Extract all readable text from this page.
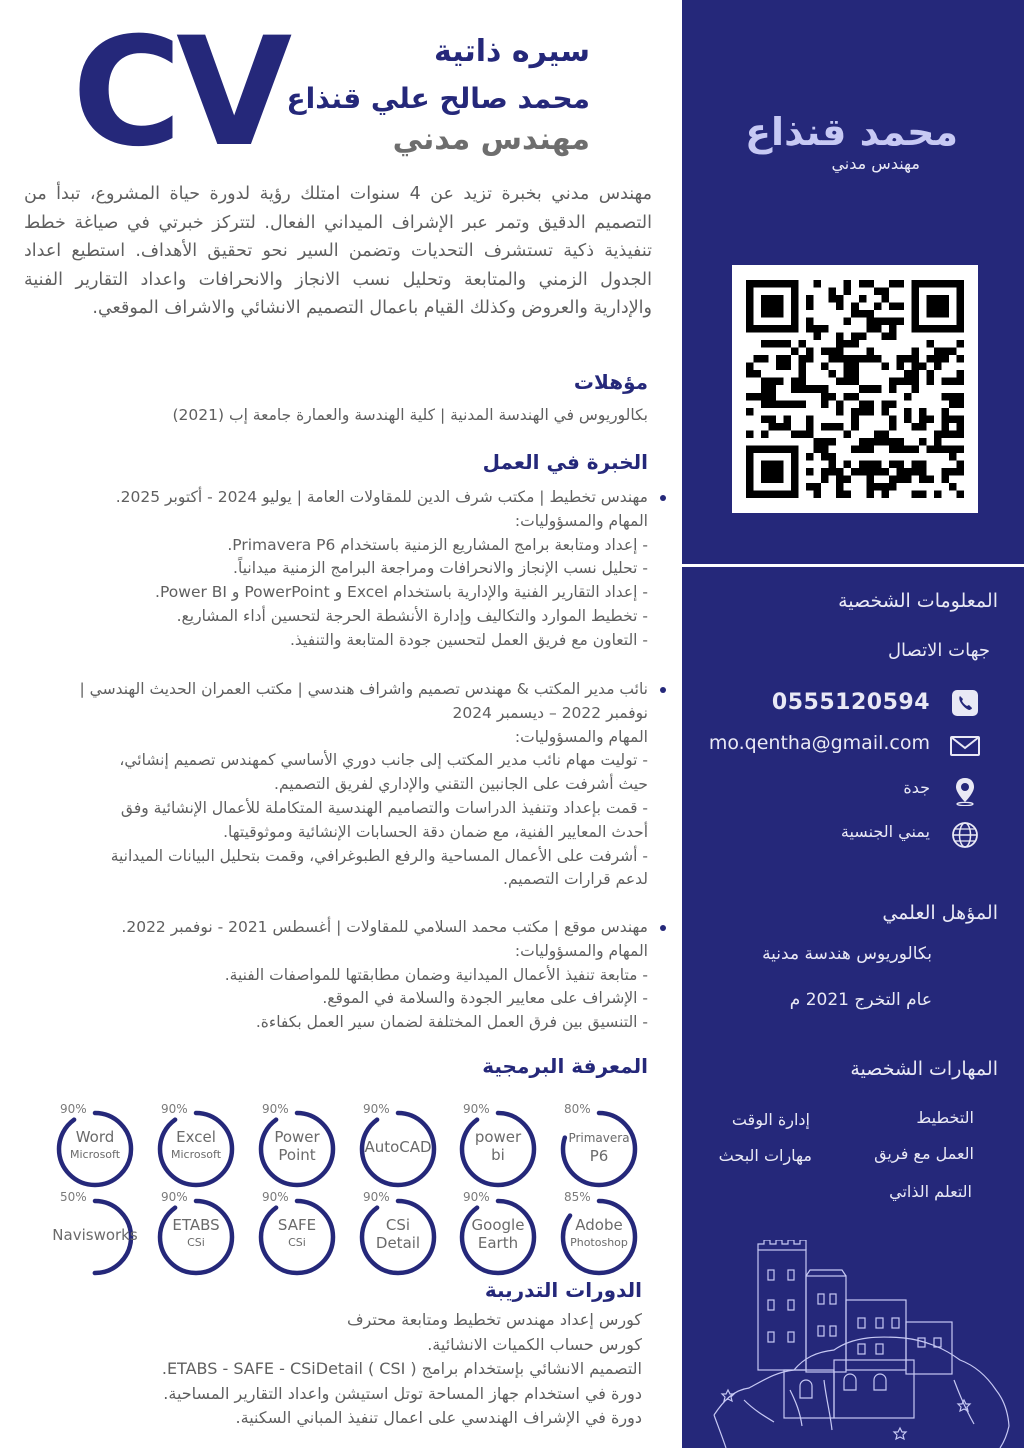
محمد قنذاع
مهندس مدني
المعلومات الشخصية
جهات الاتصال
0555120594
mo.qentha@gmail.com
جدة
يمني الجنسية
المؤهل العلمي
بكالوريوس هندسة مدنية
عام التخرج 2021 م
المهارات الشخصية
التخطيط
إدارة الوقت
العمل مع فريق
مهارات البحث
التعلم الذاتي
CV	سيره ذاتية
محمد صالح علي قنذاع
مهندس مدني

مهندس مدني بخبرة تزيد عن 4 سنوات امتلك رؤية لدورة حياة المشروع، تبدأ من التصميم الدقيق وتمر عبر الإشراف الميداني الفعال. لتتركز خبرتي في صياغة خطط تنفيذية ذكية تستشرف التحديات وتضمن السير نحو تحقيق الأهداف. استطيع اعداد الجدول الزمني والمتابعة وتحليل نسب الانجاز والانحرافات واعداد التقارير الفنية والإدارية والعروض وكذلك القيام باعمال التصميم الانشائي والاشراف الموقعي.

مؤهلات
بكالوريوس في الهندسة المدنية | كلية الهندسة والعمارة جامعة إب (2021)
الخبرة في العمل
مهندس تخطيط | مكتب شرف الدين للمقاولات العامة | يوليو 2024 - أكتوبر 2025.
المهام والمسؤوليات:
- إعداد ومتابعة برامج المشاريع الزمنية باستخدام Primavera P6.
- تحليل نسب الإنجاز والانحرافات ومراجعة البرامج الزمنية ميدانياً.
- إعداد التقارير الفنية والإدارية باستخدام Excel و PowerPoint و Power BI.
- تخطيط الموارد والتكاليف وإدارة الأنشطة الحرجة لتحسين أداء المشاريع.
- التعاون مع فريق العمل لتحسين جودة المتابعة والتنفيذ.
نائب مدير المكتب & مهندس تصميم واشراف هندسي | مكتب العمران الحديث الهندسي |
نوفمبر 2022 – ديسمبر 2024
المهام والمسؤوليات:
- توليت مهام نائب مدير المكتب إلى جانب دوري الأساسي كمهندس تصميم إنشائي،
حيث أشرفت على الجانبين التقني والإداري لفريق التصميم.
- قمت بإعداد وتنفيذ الدراسات والتصاميم الهندسية المتكاملة للأعمال الإنشائية وفق
أحدث المعايير الفنية، مع ضمان دقة الحسابات الإنشائية وموثوقيتها.
- أشرفت على الأعمال المساحية والرفع الطبوغرافي، وقمت بتحليل البيانات الميدانية
لدعم قرارات التصميم.
مهندس موقع | مكتب محمد السلامي للمقاولات | أغسطس 2021 - نوفمبر 2022.
المهام والمسؤوليات:
- متابعة تنفيذ الأعمال الميدانية وضمان مطابقتها للمواصفات الفنية.
- الإشراف على معايير الجودة والسلامة في الموقع.
- التنسيق بين فرق العمل المختلفة لضمان سير العمل بكفاءة.
المعرفة البرمجية
80%
Primavera
P6
90%
power
bi
90%
AutoCAD
90%
Power
Point
90%
Excel
Microsoft
90%
Word
Microsoft
85%
Adobe
Photoshop
90%
Google
Earth
90%
CSi
Detail
90%
SAFE
CSi
90%
ETABS
CSi
50%
Navisworks
الدورات التدريبة
كورس إعداد مهندس تخطيط ومتابعة محترف
كورس حساب الكميات الانشائية.
التصميم الانشائي بإستخدام برامج ETABS - SAFE - CSiDetail ( CSI ).
دورة في استخدام جهاز المساحة توتل استيشن واعداد التقارير المساحية.
دورة في الإشراف الهندسي على اعمال تنفيذ المباني السكنية.
